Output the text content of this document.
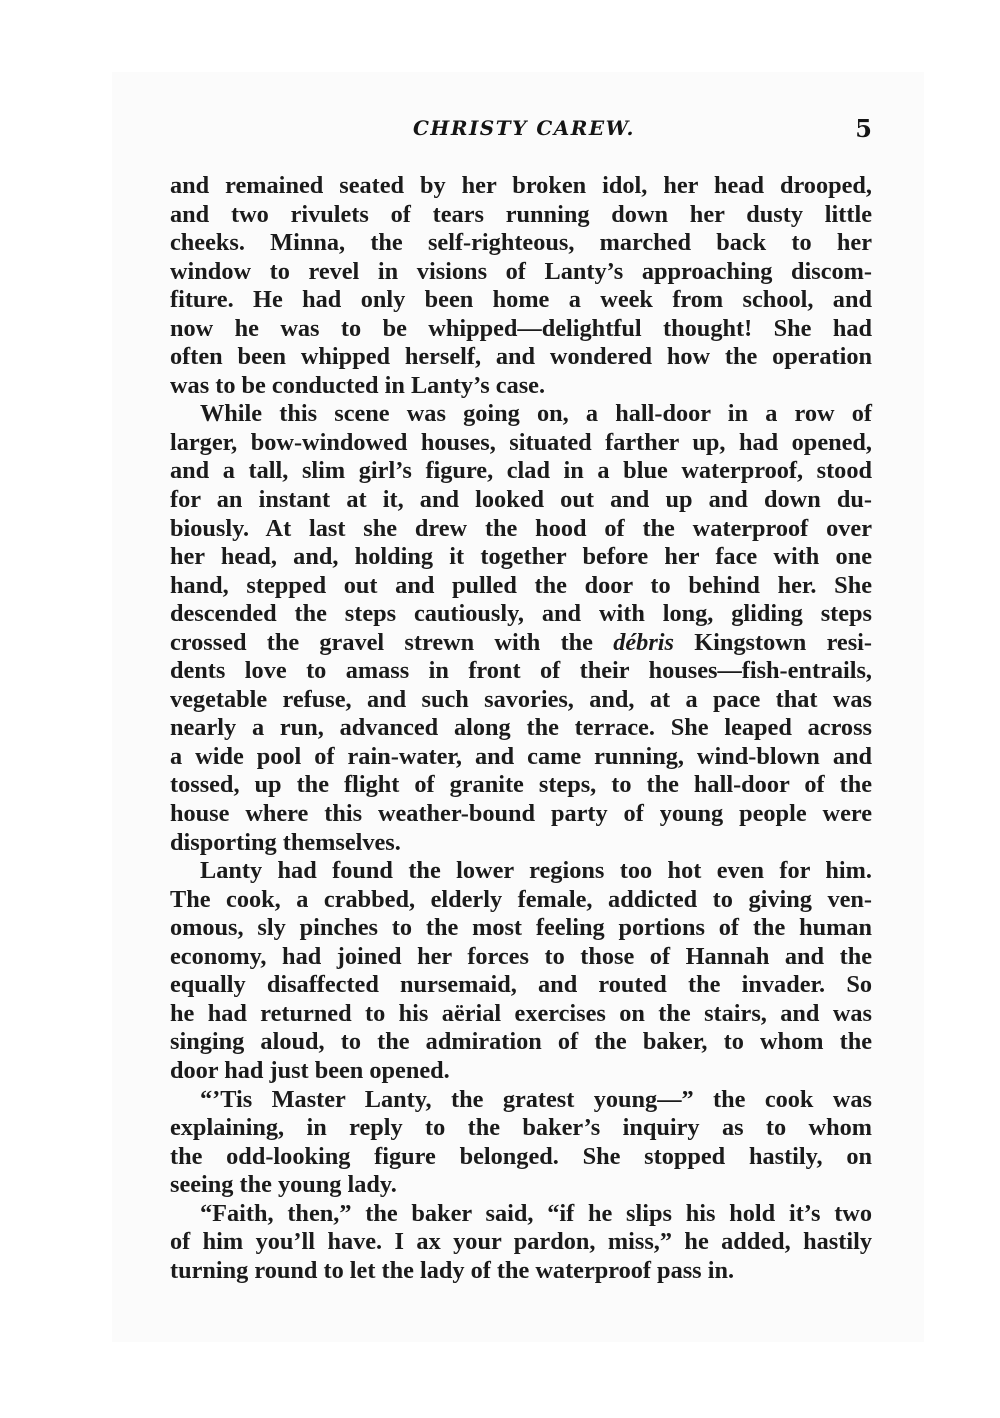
CHRISTY CAREW.	5
and remained seated by her broken idol, her head drooped,
and two rivulets of tears running down her dusty little
cheeks. Minna, the self-righteous, marched back to her
window to revel in visions of Lanty’s approaching discom-
fiture. He had only been home a week from school, and
now he was to be whipped—delightful thought! She had
often been whipped herself, and wondered how the operation
was to be conducted in Lanty’s case.
While this scene was going on, a hall-door in a row of
larger, bow-windowed houses, situated farther up, had opened,
and a tall, slim girl’s figure, clad in a blue waterproof, stood
for an instant at it, and looked out and up and down du-
biously. At last she drew the hood of the waterproof over
her head, and, holding it together before her face with one
hand, stepped out and pulled the door to behind her. She
descended the steps cautiously, and with long, gliding steps
crossed the gravel strewn with the débris Kingstown resi-
dents love to amass in front of their houses—fish-entrails,
vegetable refuse, and such savories, and, at a pace that was
nearly a run, advanced along the terrace. She leaped across
a wide pool of rain-water, and came running, wind-blown and
tossed, up the flight of granite steps, to the hall-door of the
house where this weather-bound party of young people were
disporting themselves.
Lanty had found the lower regions too hot even for him.
The cook, a crabbed, elderly female, addicted to giving ven-
omous, sly pinches to the most feeling portions of the human
economy, had joined her forces to those of Hannah and the
equally disaffected nursemaid, and routed the invader. So
he had returned to his aërial exercises on the stairs, and was
singing aloud, to the admiration of the baker, to whom the
door had just been opened.
“’Tis Master Lanty, the gratest young—” the cook was
explaining, in reply to the baker’s inquiry as to whom
the odd-looking figure belonged. She stopped hastily, on
seeing the young lady.
“Faith, then,” the baker said, “if he slips his hold it’s two
of him you’ll have. I ax your pardon, miss,” he added, hastily
turning round to let the lady of the waterproof pass in.
